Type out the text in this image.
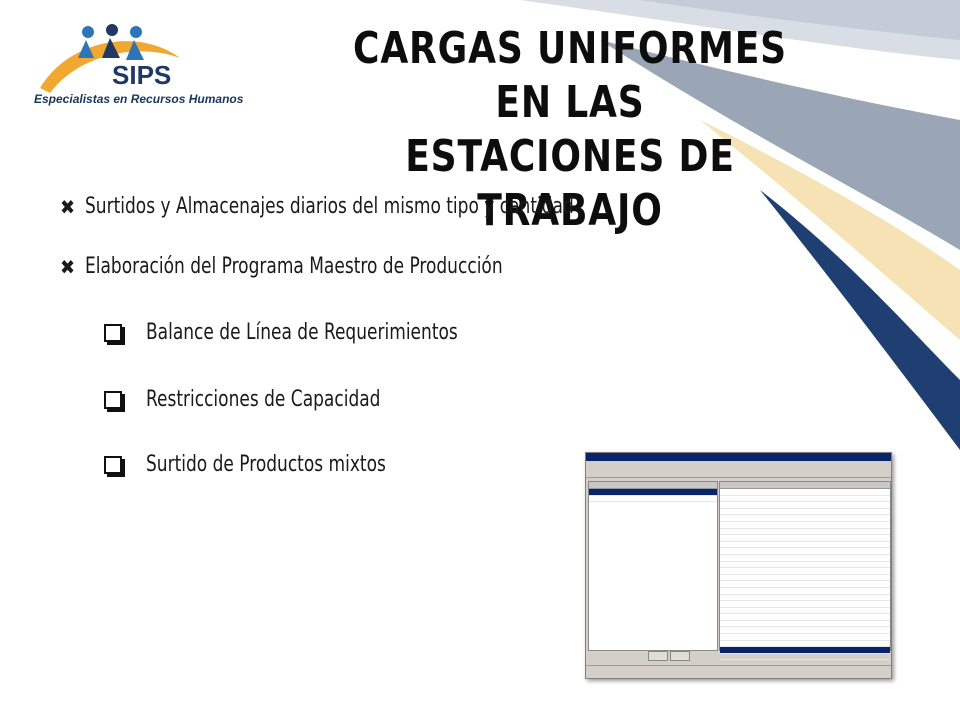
SIPS
Especialistas en Recursos Humanos
CARGAS UNIFORMES EN LAS
ESTACIONES DE TRABAJO
✖ Surtidos y Almacenajes diarios del mismo tipo y cantidad
✖ Elaboración del Programa Maestro de Producción
Balance de Línea de Requerimientos
Restricciones de Capacidad
Surtido de Productos mixtos
